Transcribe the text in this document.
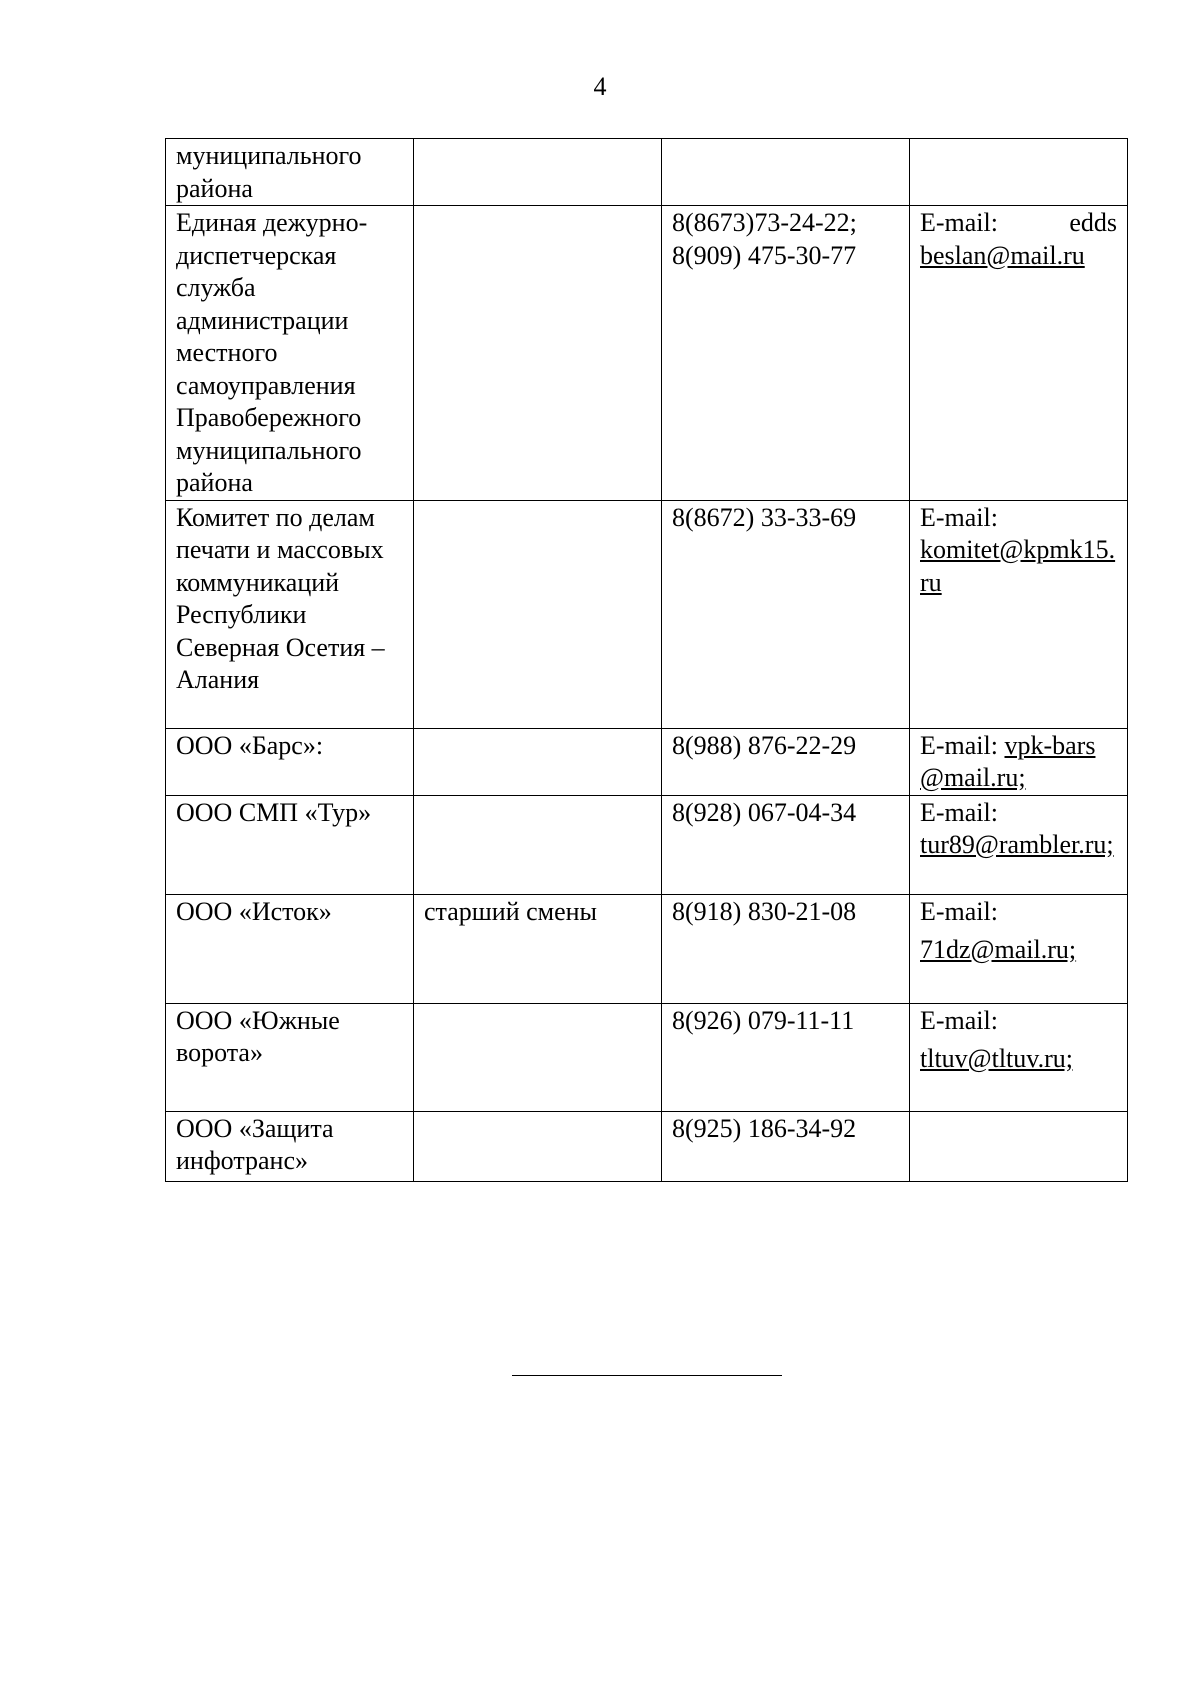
4
муниципального района			
Единая дежурно-диспетчерская служба администрации местного самоуправления Правобережного муниципального района		8(8673)73-24-22; 8(909) 475-30-77	E-mail: edds
beslan@mail.ru
Комитет по делам печати и массовых коммуникаций Республики Северная Осетия – Алания		8(8672) 33-33-69	E-mail:
komitet@kpmk15.ru
ООО «Барс»:		8(988) 876-22-29	E-mail: vpk-bars@mail.ru;
ООО СМП «Тур»		8(928) 067-04-34	E-mail:
tur89@rambler.ru;
ООО «Исток»	старший смены	8(918) 830-21-08	E-mail:
71dz@mail.ru;

ООО «Южные ворота»		8(926) 079-11-11	E-mail:
tltuv@tltuv.ru;

ООО «Защита инфотранс»		8(925) 186-34-92	
